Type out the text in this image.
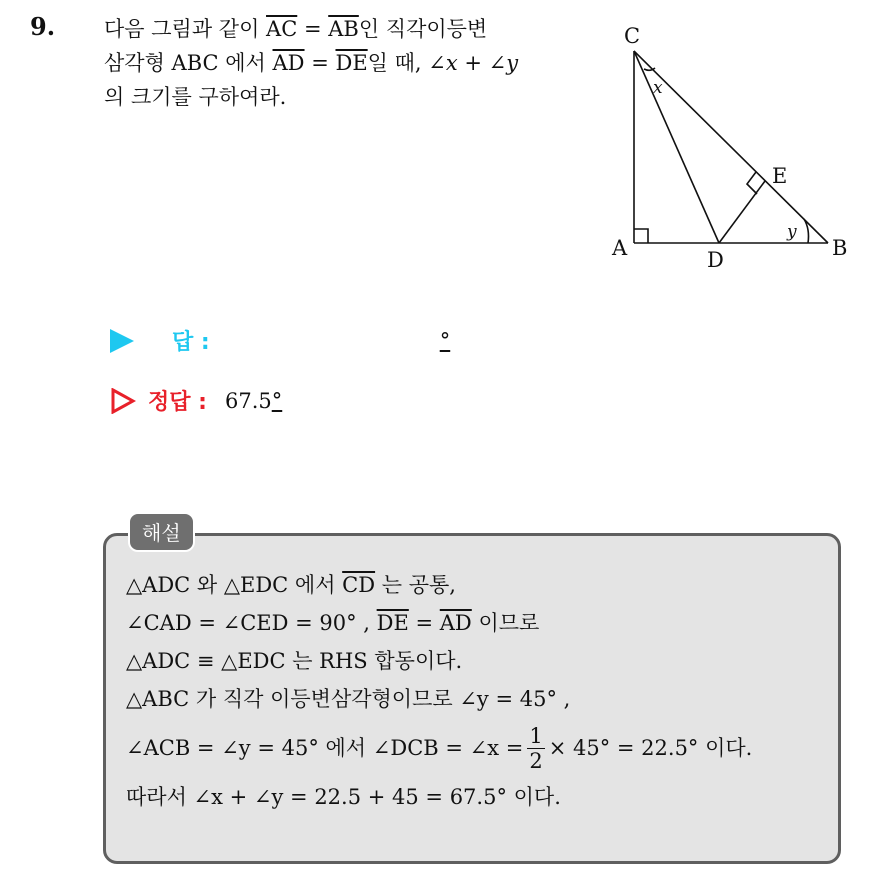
9. 다음 그림과 같이 $\overline{AC} = \overline{AB}$인 직각이등변
삼각형 ABC 에서 $\overline{AD} = \overline{DE}$일 때, ∠x + ∠y
의 크기를 구하여라.
C
A	D
E
B
x
y
답 :	°
정답 : 67.5 °
해설
△ADC 와 △EDC 에서 $\overline{CD}$ 는 공통,
∠CAD = ∠CED = 90° , $\overline{DE} = \overline{AD}$ 이므로
△ADC ≡ △EDC 는 RHS 합동이다.
△ABC 가 직각 이등변삼각형이므로 ∠y = 45° ,
∠ACB = ∠y = 45° 에서 ∠DCB = ∠x = $\frac{1}{2} \times 45^\circ = 22.5^\circ$ 이다.
따라서 ∠x + ∠y = 22.5 + 45 = 67.5° 이다.
